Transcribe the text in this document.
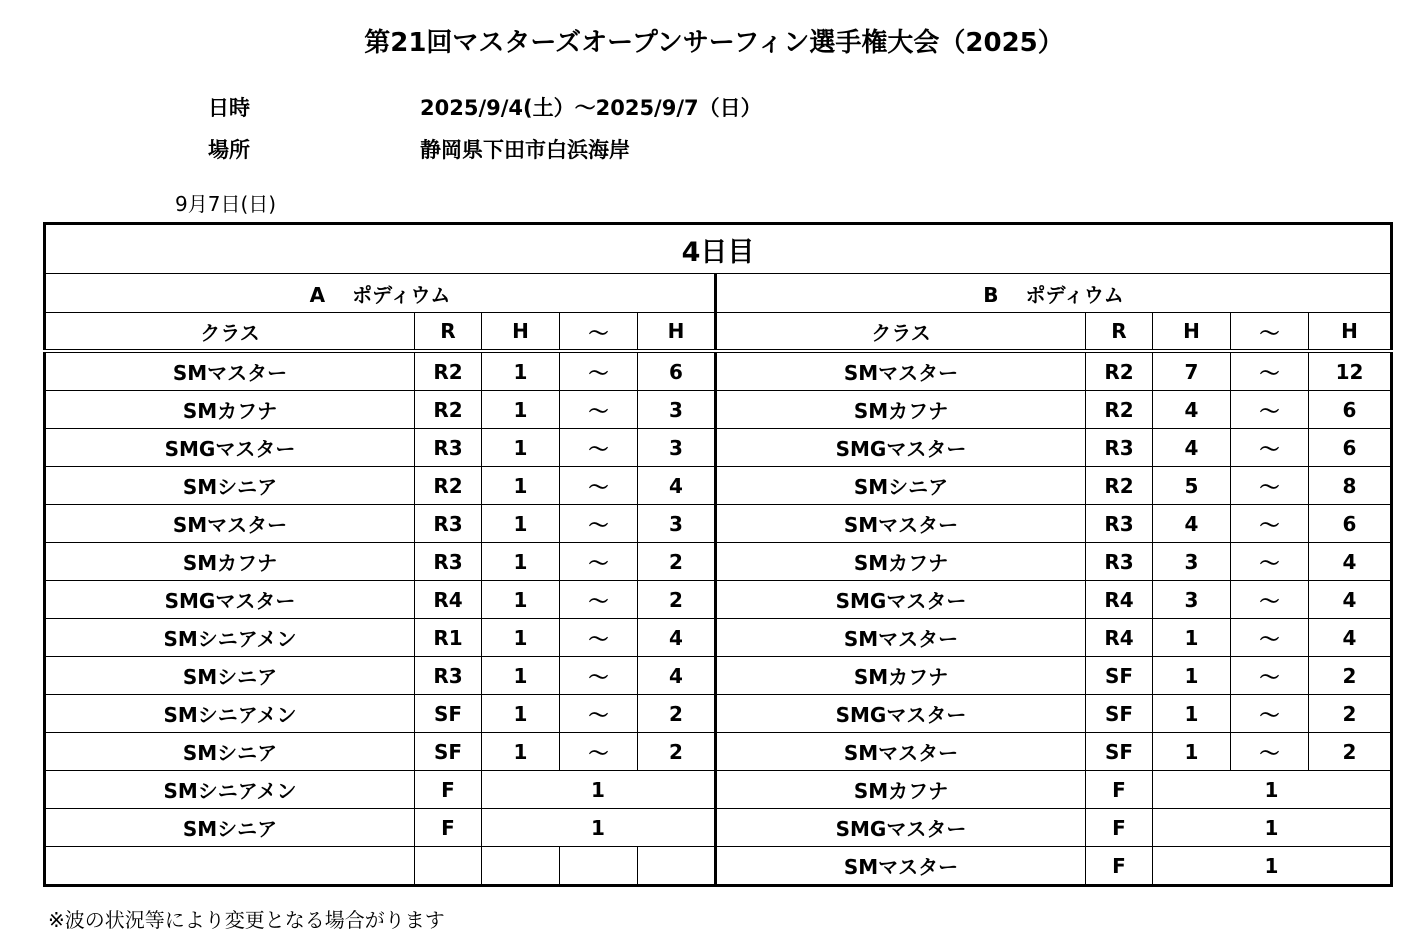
第21回マスターズオープンサーフィン選手権大会（2025）
日時	2025/9/4(土）～2025/9/7（日）
場所	静岡県下田市白浜海岸
9月7日(日)
4日目									
A　 ポディウム					B　 ポディウム				
クラス	R	H	～	H	クラス	R	H	～	H
SMマスター	R2	1	～	6	SMマスター	R2	7	～	12
SMカフナ	R2	1	～	3	SMカフナ	R2	4	～	6
SMGマスター	R3	1	～	3	SMGマスター	R3	4	～	6
SMシニア	R2	1	～	4	SMシニア	R2	5	～	8
SMマスター	R3	1	～	3	SMマスター	R3	4	～	6
SMカフナ	R3	1	～	2	SMカフナ	R3	3	～	4
SMGマスター	R4	1	～	2	SMGマスター	R4	3	～	4
SMシニアメン	R1	1	～	4	SMマスター	R4	1	～	4
SMシニア	R3	1	～	4	SMカフナ	SF	1	～	2
SMシニアメン	SF	1	～	2	SMGマスター	SF	1	～	2
SMシニア	SF	1	～	2	SMマスター	SF	1	～	2
SMシニアメン	F	1			SMカフナ	F	1		
SMシニア	F	1			SMGマスター	F	1		
					SMマスター	F	1		
※波の状況等により変更となる場合がります
